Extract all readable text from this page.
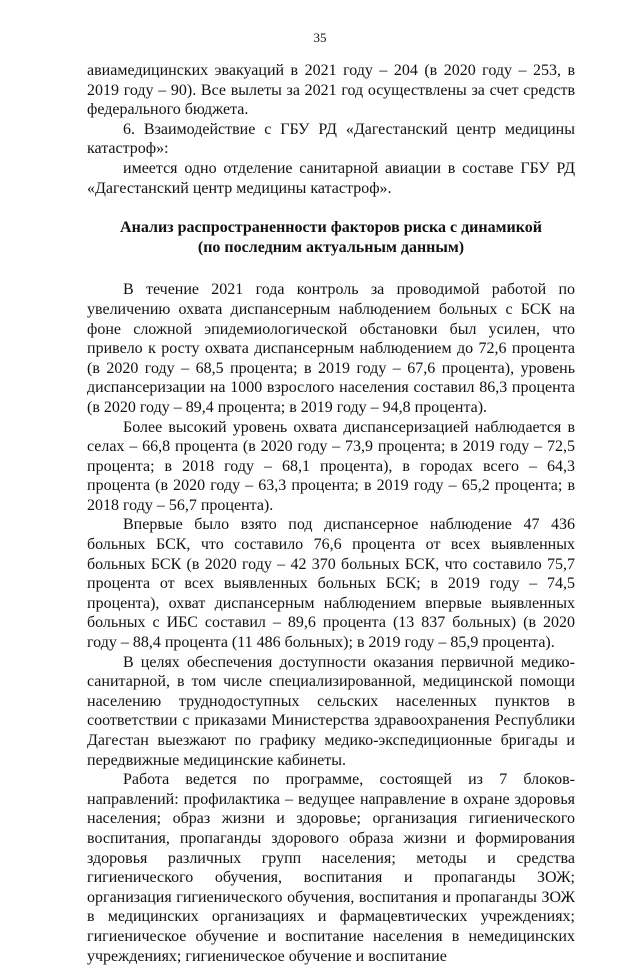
35

авиамедицинских эвакуаций в 2021 году – 204 (в 2020 году – 253, в 2019 году – 90). Все вылеты за 2021 год осуществлены за счет средств федерального бюджета.

6. Взаимодействие с ГБУ РД «Дагестанский центр медицины катастроф»:

имеется одно отделение санитарной авиации в составе ГБУ РД «Дагестанский центр медицины катастроф».

Анализ распространенности факторов риска с динамикой

(по последним актуальным данным)

В течение 2021 года контроль за проводимой работой по увеличению охвата диспансерным наблюдением больных с БСК на фоне сложной эпидемиологической обстановки был усилен, что привело к росту охвата диспансерным наблюдением до 72,6 процента (в 2020 году – 68,5 процента; в 2019 году – 67,6 процента), уровень диспансеризации на 1000 взрослого населения составил 86,3 процента (в 2020 году – 89,4 процента; в 2019 году – 94,8 процента).

Более высокий уровень охвата диспансеризацией наблюдается в селах – 66,8 процента (в 2020 году – 73,9 процента; в 2019 году – 72,5 процента; в 2018 году – 68,1 процента), в городах всего – 64,3 процента (в 2020 году – 63,3 процента; в 2019 году – 65,2 процента; в 2018 году – 56,7 процента).

Впервые было взято под диспансерное наблюдение 47 436 больных БСК, что составило 76,6 процента от всех выявленных больных БСК (в 2020 году – 42 370 больных БСК, что составило 75,7 процента от всех выявленных больных БСК; в 2019 году – 74,5 процента), охват диспансерным наблюдением впервые выявленных больных с ИБС составил – 89,6 процента (13 837 больных) (в 2020 году – 88,4 процента (11 486 больных); в 2019 году – 85,9 процента).

В целях обеспечения доступности оказания первичной медико-санитарной, в том числе специализированной, медицинской помощи населению труднодоступных сельских населенных пунктов в соответствии с приказами Министерства здравоохранения Республики Дагестан выезжают по графику медико-экспедиционные бригады и передвижные медицинские кабинеты.

Работа ведется по программе, состоящей из 7 блоков-направлений: профилактика – ведущее направление в охране здоровья населения; образ жизни и здоровье; организация гигиенического воспитания, пропаганды здорового образа жизни и формирования здоровья различных групп населения; методы и средства гигиенического обучения, воспитания и пропаганды ЗОЖ; организация гигиенического обучения, воспитания и пропаганды ЗОЖ в медицинских организациях и фармацевтических учреждениях; гигиеническое обучение и воспитание населения в немедицинских учреждениях; гигиеническое обучение и воспитание
